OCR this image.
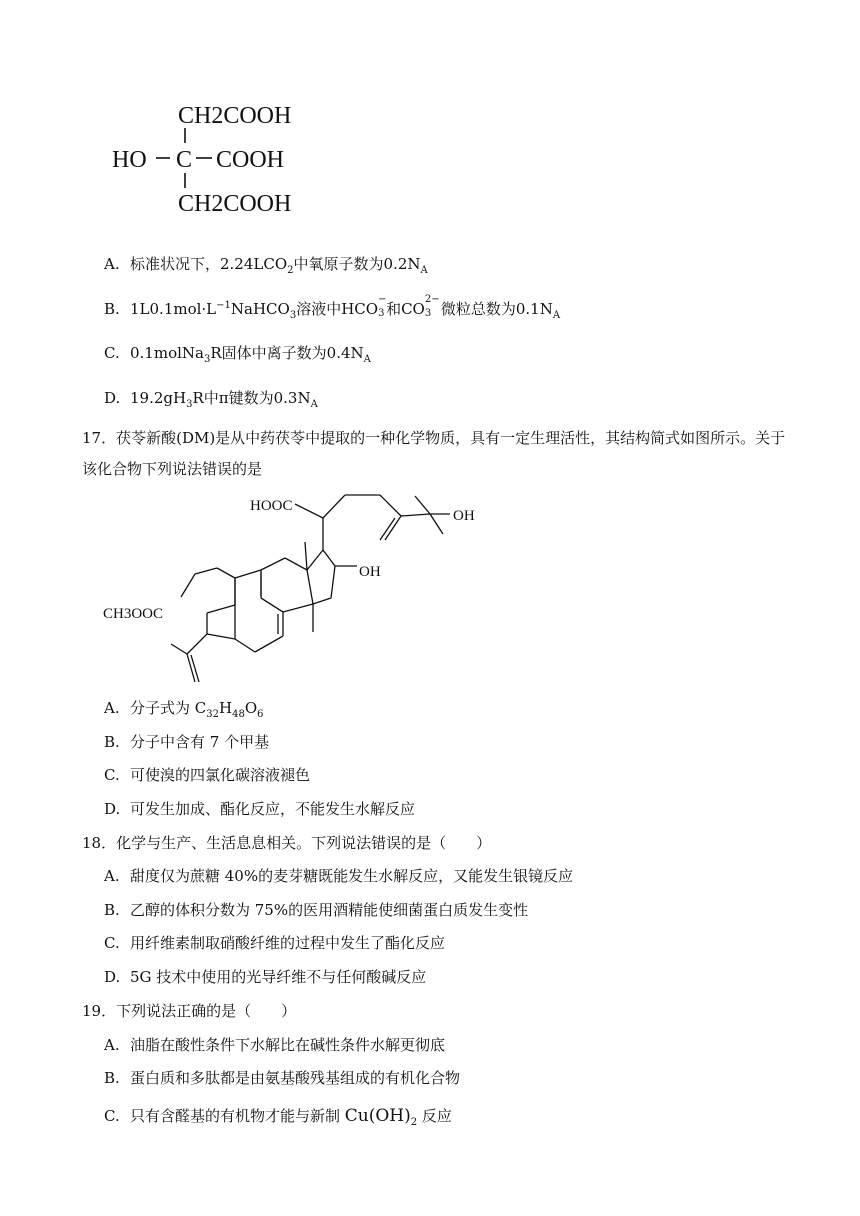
CH2COOH
HO C COOH
CH2COOH
A. 标准状况下，$2.24LCO_2$中氧原子数为$0.2N_A$
B. $1L0.1mol\cdot L^{-1}NaHCO_3$溶液中HCO
−
3 和CO
2−
3 微粒总数为$0.1N_A$
C. 0.1molNa$_3$R固体中离子数为$0.4N_A$
D. $19.2gH_3R$中π键数为$0.3N_A$
17．茯苓新酸(DM)是从中药茯苓中提取的一种化学物质，具有一定生理活性，其结构简式如图所示。关于
该化合物下列说法错误的是
HOOC
OH
OH
CH3OOC
A. 分子式为 $C_{32}H_{48}O_6$
B. 分子中含有 7 个甲基
C. 可使溴的四氯化碳溶液褪色
D. 可发生加成、酯化反应，不能发生水解反应
18．化学与生产、生活息息相关。下列说法错误的是（　　）
A. 甜度仅为蔗糖 40%的麦芽糖既能发生水解反应，又能发生银镜反应
B. 乙醇的体积分数为 75%的医用酒精能使细菌蛋白质发生变性
C. 用纤维素制取硝酸纤维的过程中发生了酯化反应
D. 5G 技术中使用的光导纤维不与任何酸碱反应
19．下列说法正确的是（　　）
A. 油脂在酸性条件下水解比在碱性条件水解更彻底
B. 蛋白质和多肽都是由氨基酸残基组成的有机化合物
C. 只有含醛基的有机物才能与新制 $Cu(OH)_2$ 反应
